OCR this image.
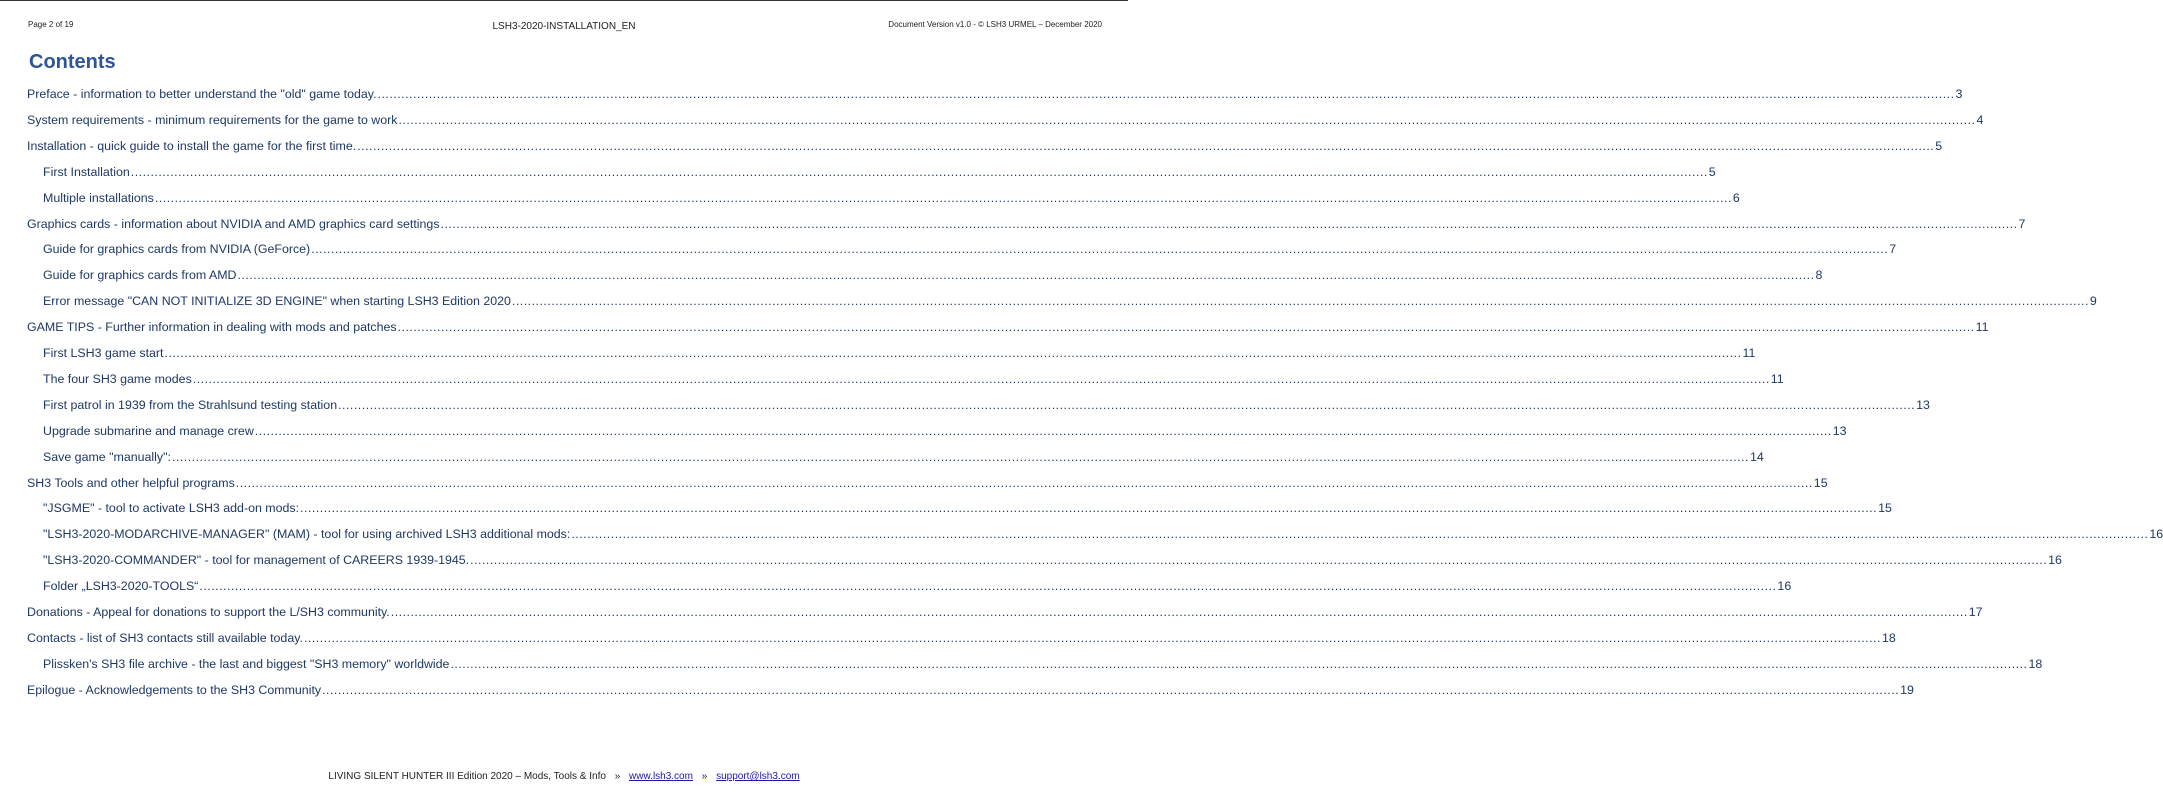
Page 2 of 19	LSH3-2020-INSTALLATION_EN	Document Version v1.0 - © LSH3 URMEL – December 2020
Contents
Preface - information to better understand the "old" game today. ................................................................................................................................................................................................................................................................................................................................................................................................................ 3
System requirements - minimum requirements for the game to work ................................................................................................................................................................................................................................................................................................................................................................................................................ 4
Installation - quick guide to install the game for the first time. ................................................................................................................................................................................................................................................................................................................................................................................................................ 5
First Installation ................................................................................................................................................................................................................................................................................................................................................................................................................ 5
Multiple installations ................................................................................................................................................................................................................................................................................................................................................................................................................ 6
Graphics cards - information about NVIDIA and AMD graphics card settings ................................................................................................................................................................................................................................................................................................................................................................................................................ 7
Guide for graphics cards from NVIDIA (GeForce) ................................................................................................................................................................................................................................................................................................................................................................................................................ 7
Guide for graphics cards from AMD ................................................................................................................................................................................................................................................................................................................................................................................................................ 8
Error message "CAN NOT INITIALIZE 3D ENGINE" when starting LSH3 Edition 2020 ................................................................................................................................................................................................................................................................................................................................................................................................................ 9
GAME TIPS - Further information in dealing with mods and patches ................................................................................................................................................................................................................................................................................................................................................................................................................ 11
First LSH3 game start ................................................................................................................................................................................................................................................................................................................................................................................................................ 11
The four SH3 game modes ................................................................................................................................................................................................................................................................................................................................................................................................................ 11
First patrol in 1939 from the Strahlsund testing station ................................................................................................................................................................................................................................................................................................................................................................................................................ 13
Upgrade submarine and manage crew ................................................................................................................................................................................................................................................................................................................................................................................................................ 13
Save game "manually": ................................................................................................................................................................................................................................................................................................................................................................................................................ 14
SH3 Tools and other helpful programs ................................................................................................................................................................................................................................................................................................................................................................................................................ 15
"JSGME" - tool to activate LSH3 add-on mods: ................................................................................................................................................................................................................................................................................................................................................................................................................ 15
"LSH3-2020-MODARCHIVE-MANAGER" (MAM) - tool for using archived LSH3 additional mods: ................................................................................................................................................................................................................................................................................................................................................................................................................ 16
"LSH3-2020-COMMANDER" - tool for management of CAREERS 1939-1945. ................................................................................................................................................................................................................................................................................................................................................................................................................ 16
Folder „LSH3-2020-TOOLS“ ................................................................................................................................................................................................................................................................................................................................................................................................................ 16
Donations - Appeal for donations to support the L/SH3 community. ................................................................................................................................................................................................................................................................................................................................................................................................................ 17
Contacts - list of SH3 contacts still available today. ................................................................................................................................................................................................................................................................................................................................................................................................................ 18
Plissken's SH3 file archive - the last and biggest "SH3 memory" worldwide ................................................................................................................................................................................................................................................................................................................................................................................................................ 18
Epilogue - Acknowledgements to the SH3 Community ................................................................................................................................................................................................................................................................................................................................................................................................................ 19
LIVING SILENT HUNTER III Edition 2020 – Mods, Tools & Info » www.lsh3.com » support@lsh3.com
